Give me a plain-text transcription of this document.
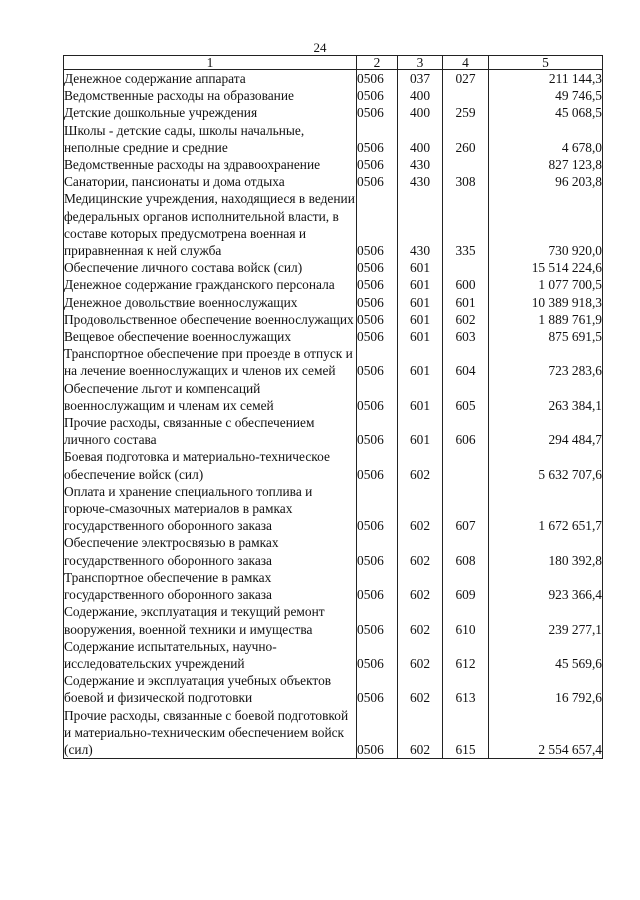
24
1	2	3	4	5
Денежное содержание аппарата	0506	037	027	211 144,3
Ведомственные расходы на образование	0506	400		49 746,5
Детские дошкольные учреждения	0506	400	259	45 068,5
Школы - детские сады, школы начальные, неполные средние и средние	0506	400	260	4 678,0
Ведомственные расходы на здравоохранение	0506	430		827 123,8
Санатории, пансионаты и дома отдыха	0506	430	308	96 203,8
Медицинские учреждения, находящиеся в ведении федеральных органов исполнительной власти, в составе которых предусмотрена военная и приравненная к ней служба	0506	430	335	730 920,0
Обеспечение личного состава войск (сил)	0506	601		15 514 224,6
Денежное содержание гражданского персонала	0506	601	600	1 077 700,5
Денежное довольствие военнослужащих	0506	601	601	10 389 918,3
Продовольственное обеспечение военнослужащих	0506	601	602	1 889 761,9
Вещевое обеспечение военнослужащих	0506	601	603	875 691,5
Транспортное обеспечение при проезде в отпуск и на лечение военнослужащих и членов их семей	0506	601	604	723 283,6
Обеспечение льгот и компенсаций военнослужащим и членам их семей	0506	601	605	263 384,1
Прочие расходы, связанные с обеспечением личного состава	0506	601	606	294 484,7
Боевая подготовка и материально-техническое обеспечение войск (сил)	0506	602		5 632 707,6
Оплата и хранение специального топлива и горюче-смазочных материалов в рамках государственного оборонного заказа	0506	602	607	1 672 651,7
Обеспечение электросвязью в рамках государственного оборонного заказа	0506	602	608	180 392,8
Транспортное обеспечение в рамках государственного оборонного заказа	0506	602	609	923 366,4
Содержание, эксплуатация и текущий ремонт вооружения, военной техники и имущества	0506	602	610	239 277,1
Содержание испытательных, научно-исследовательских учреждений	0506	602	612	45 569,6
Содержание и эксплуатация учебных объектов боевой и физической подготовки	0506	602	613	16 792,6
Прочие расходы, связанные с боевой подготовкой и материально-техническим обеспечением войск (сил)	0506	602	615	2 554 657,4
